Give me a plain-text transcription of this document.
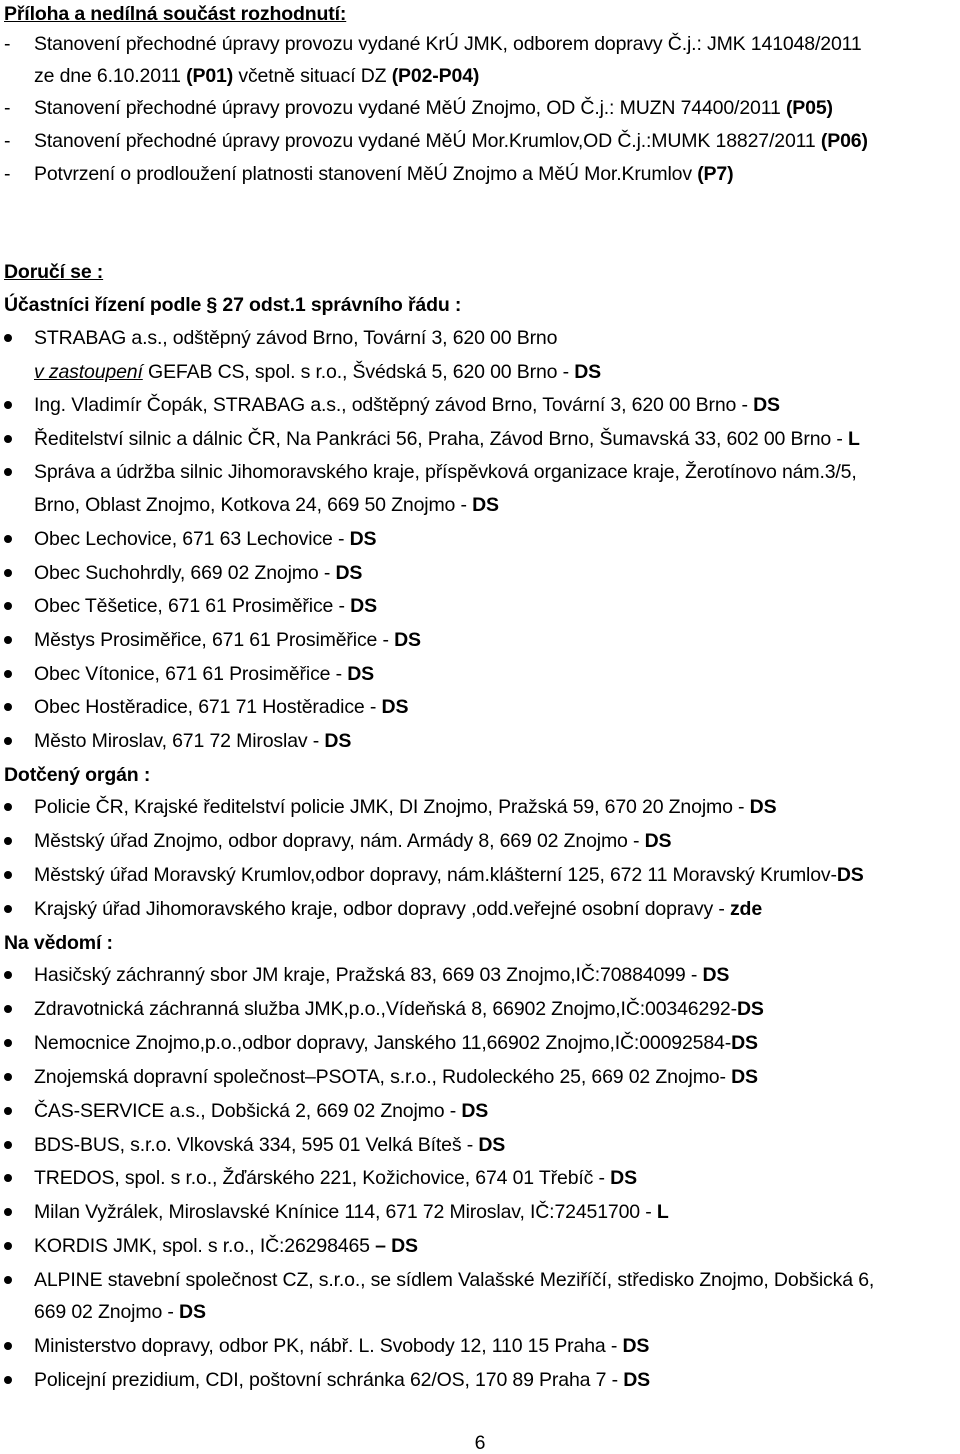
Příloha a nedílná součást rozhodnutí:
- Stanovení přechodné úpravy provozu vydané KrÚ JMK, odborem dopravy Č.j.: JMK 141048/2011
ze dne 6.10.2011 (P01) včetně situací DZ (P02-P04)
- Stanovení přechodné úpravy provozu vydané MěÚ Znojmo, OD Č.j.: MUZN 74400/2011 (P05)
- Stanovení přechodné úpravy provozu vydané MěÚ Mor.Krumlov,OD Č.j.:MUMK 18827/2011 (P06)
- Potvrzení o prodloužení platnosti stanovení MěÚ Znojmo a MěÚ Mor.Krumlov (P7)
Doručí se :
Účastníci řízení podle § 27 odst.1 správního řádu :
STRABAG a.s., odštěpný závod Brno, Tovární 3, 620 00 Brno
v zastoupení GEFAB CS, spol. s r.o., Švédská 5, 620 00 Brno - DS
Ing. Vladimír Čopák, STRABAG a.s., odštěpný závod Brno, Tovární 3, 620 00 Brno - DS
Ředitelství silnic a dálnic ČR, Na Pankráci 56, Praha, Závod Brno, Šumavská 33, 602 00 Brno - L
Správa a údržba silnic Jihomoravského kraje, příspěvková organizace kraje, Žerotínovo nám.3/5,
Brno, Oblast Znojmo, Kotkova 24, 669 50 Znojmo - DS
Obec Lechovice, 671 63 Lechovice - DS
Obec Suchohrdly, 669 02 Znojmo - DS
Obec Těšetice, 671 61 Prosiměřice - DS
Městys Prosiměřice, 671 61 Prosiměřice - DS
Obec Vítonice, 671 61 Prosiměřice - DS
Obec Hostěradice, 671 71 Hostěradice - DS
Město Miroslav, 671 72 Miroslav - DS
Dotčený orgán :
Policie ČR, Krajské ředitelství policie JMK, DI Znojmo, Pražská 59, 670 20 Znojmo - DS
Městský úřad Znojmo, odbor dopravy, nám. Armády 8, 669 02 Znojmo - DS
Městský úřad Moravský Krumlov,odbor dopravy, nám.klášterní 125, 672 11 Moravský Krumlov-DS
Krajský úřad Jihomoravského kraje, odbor dopravy ,odd.veřejné osobní dopravy - zde
Na vědomí :
Hasičský záchranný sbor JM kraje, Pražská 83, 669 03 Znojmo,IČ:70884099 - DS
Zdravotnická záchranná služba JMK,p.o.,Vídeňská 8, 66902 Znojmo,IČ:00346292-DS
Nemocnice Znojmo,p.o.,odbor dopravy, Janského 11,66902 Znojmo,IČ:00092584-DS
Znojemská dopravní společnost–PSOTA, s.r.o., Rudoleckého 25, 669 02 Znojmo- DS
ČAS-SERVICE a.s., Dobšická 2, 669 02 Znojmo - DS
BDS-BUS, s.r.o. Vlkovská 334, 595 01 Velká Bíteš - DS
TREDOS, spol. s r.o., Žďárského 221, Kožichovice, 674 01 Třebíč - DS
Milan Vyžrálek, Miroslavské Knínice 114, 671 72 Miroslav, IČ:72451700 - L
KORDIS JMK, spol. s r.o., IČ:26298465 – DS
ALPINE stavební společnost CZ, s.r.o., se sídlem Valašské Meziříčí, středisko Znojmo, Dobšická 6,
669 02 Znojmo - DS
Ministerstvo dopravy, odbor PK, nábř. L. Svobody 12, 110 15 Praha - DS
Policejní prezidium, CDI, poštovní schránka 62/OS, 170 89 Praha 7 - DS
6
